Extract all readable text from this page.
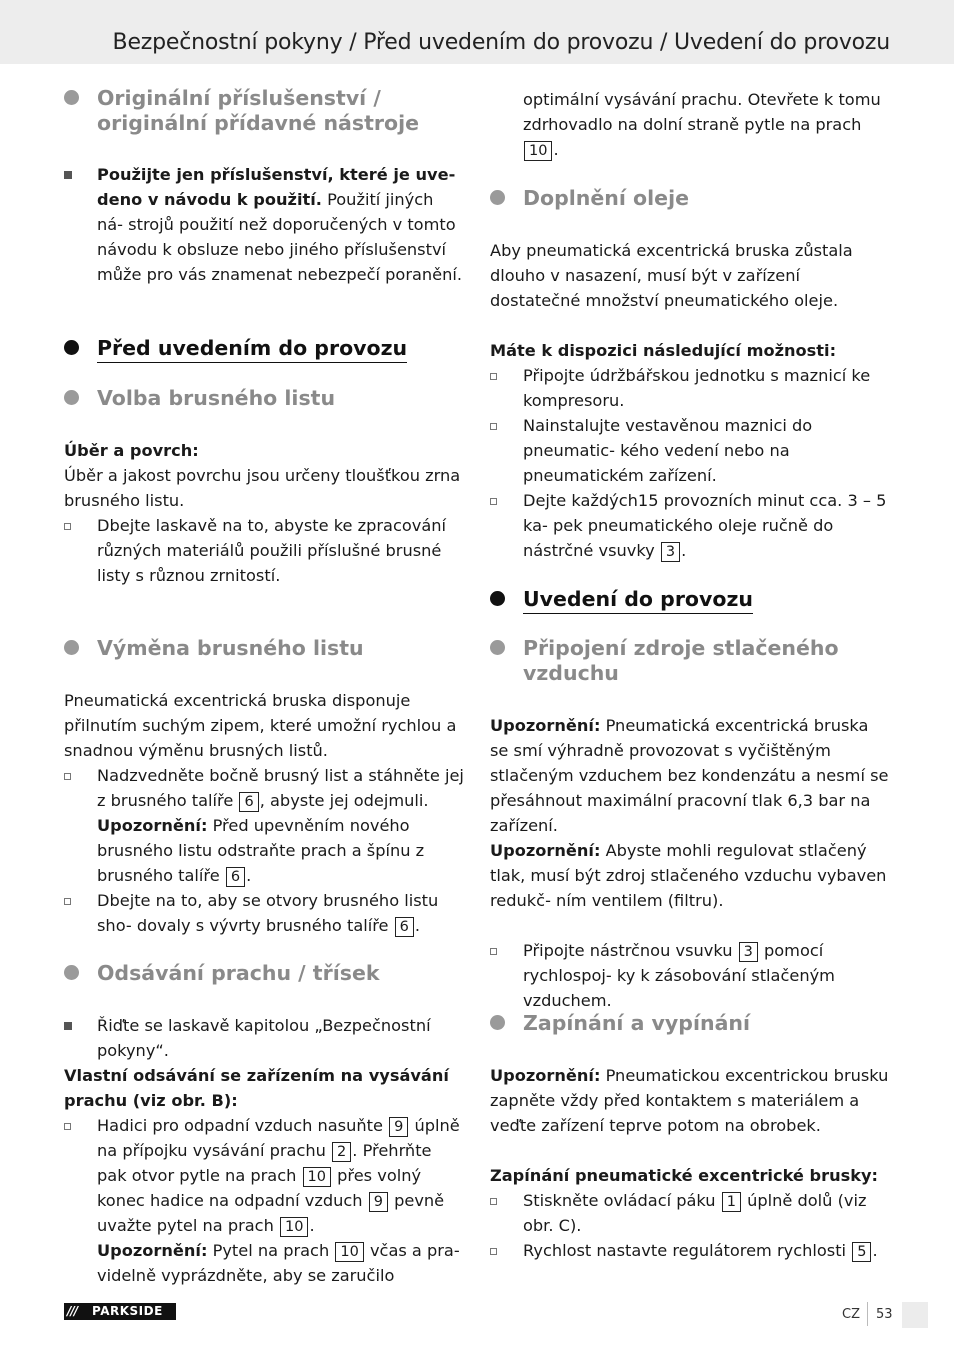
Bezpečnostní pokyny / Před uvedením do provozu / Uvedení do provozu
Originální příslušenství /
originální přídavné nástroje

Použijte jen příslušenství, které je uve- deno v návodu k použití. Použití jiných ná- strojů použití než doporučených v tomto návodu k obsluze nebo jiného příslušenství může pro vás znamenat nebezpečí poranění.

Před uvedením do provozu
Volba brusného listu

Úběr a povrch:

Úběr a jakost povrchu jsou určeny tloušťkou zrna brusného listu.

Dbejte laskavě na to, abyste ke zpracování různých materiálů použili příslušné brusné listy s různou zrnitostí.

Výměna brusného listu

Pneumatická excentrická bruska disponuje přilnutím suchým zipem, které umožní rychlou a snadnou výměnu brusných listů.

Nadzvedněte bočně brusný list a stáhněte jej z brusného talíře 6 , abyste jej odejmuli.
Upozornění: Před upevněním nového brusného listu odstraňte prach a špínu z brusného talíře 6 .

Dbejte na to, aby se otvory brusného listu sho- dovaly s vývrty brusného talíře 6 .

Odsávání prachu / třísek

Řiďte se laskavě kapitolou „Bezpečnostní pokyny“.

Vlastní odsávání se zařízením na vysávání prachu (viz obr. B):

Hadici pro odpadní vzduch nasuňte 9 úplně na přípojku vysávání prachu 2 . Přehrňte pak otvor pytle na prach 10 přes volný konec hadice na odpadní vzduch 9 pevně uvažte pytel na prach 10 .
Upozornění: Pytel na prach 10 včas a pra- videlně vyprázdněte, aby se zaručilo

optimální vysávání prachu. Otevřete k tomu zdrhovadlo na dolní straně pytle na prach 10 .

Doplnění oleje

Aby pneumatická excentrická bruska zůstala dlouho v nasazení, musí být v zařízení dostatečné množství pneumatického oleje.

Máte k dispozici následující možnosti:

Připojte údržbářskou jednotku s maznicí ke kompresoru.

Nainstalujte vestavěnou maznici do pneumatic- kého vedení nebo na pneumatickém zařízení.

Dejte každých15 provozních minut cca. 3 – 5 ka- pek pneumatického oleje ručně do nástrčné vsuvky 3 .

Uvedení do provozu
Připojení zdroje stlačeného
vzduchu

Upozornění: Pneumatická excentrická bruska se smí výhradně provozovat s vyčištěným stlačeným vzduchem bez kondenzátu a nesmí se přesáhnout maximální pracovní tlak 6,3 bar na zařízení.

Upozornění: Abyste mohli regulovat stlačený tlak, musí být zdroj stlačeného vzduchu vybaven redukč- ním ventilem (filtru).

Připojte nástrčnou vsuvku 3 pomocí rychlospoj- ky k zásobování stlačeným vzduchem.

Zapínání a vypínání

Upozornění: Pneumatickou excentrickou brusku zapněte vždy před kontaktem s materiálem a veďte zařízení teprve potom na obrobek.

Zapínání pneumatické excentrické brusky:

Stiskněte ovládací páku 1 úplně dolů (viz obr. C).

Rychlost nastavte regulátorem rychlosti 5 .

/// PARKSIDE	CZ 53
